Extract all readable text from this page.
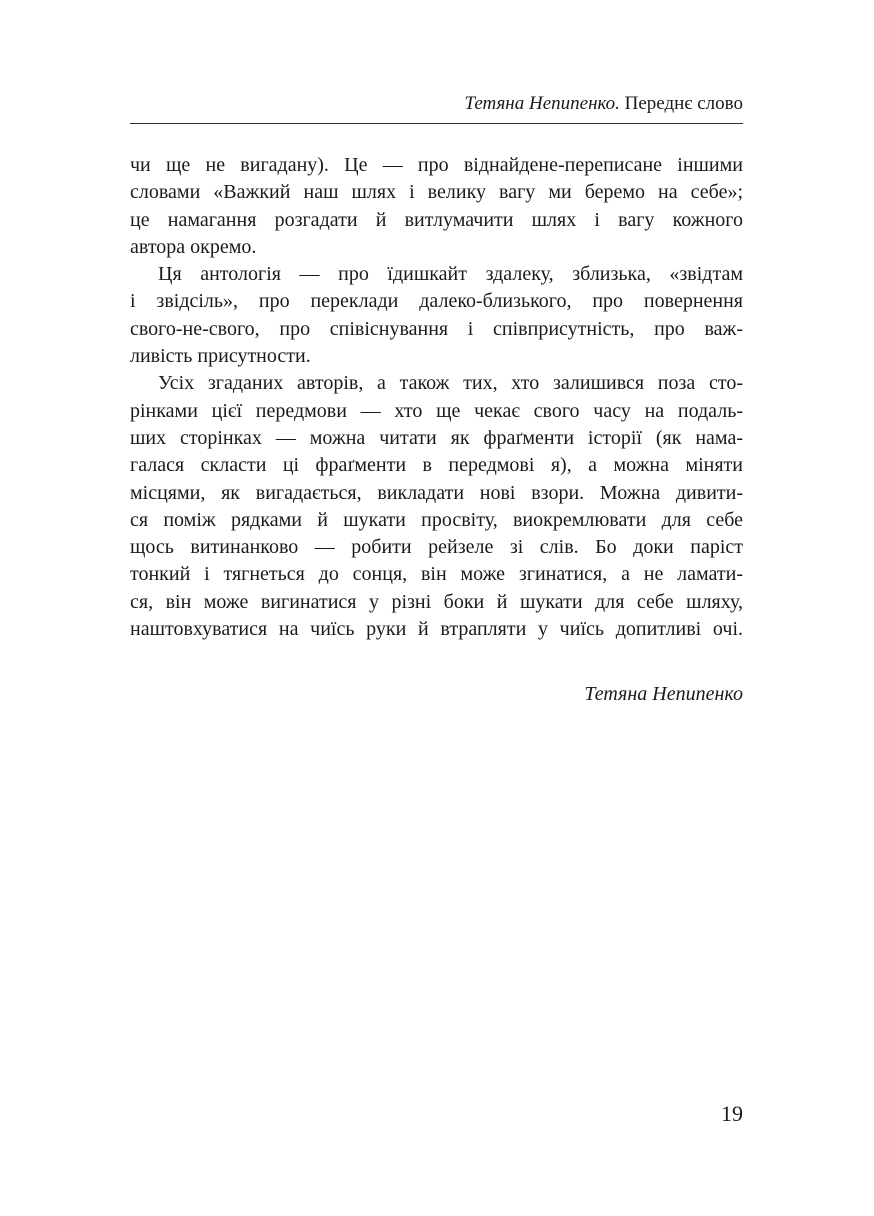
Тетяна Непипенко. Переднє слово

чи ще не вигадану). Це — про віднайдене-переписане іншими
словами «Важкий наш шлях і велику вагу ми беремо на себе»;
це намагання розгадати й витлумачити шлях і вагу кожного
автора окремо.

Ця антологія — про їдишкайт здалеку, зблизька, «звідтам
і звідсіль», про переклади далеко-близького, про повернення
свого-не-свого, про співіснування і співприсутність, про важ-
ливість присутности.

Усіх згаданих авторів, а також тих, хто залишився поза сто-
рінками цієї передмови — хто ще чекає свого часу на подаль-
ших сторінках — можна читати як фраґменти історії (як нама-
галася скласти ці фраґменти в передмові я), а можна міняти
місцями, як вигадається, викладати нові взори. Можна дивити-
ся поміж рядками й шукати просвіту, виокремлювати для себе
щось витинанково — робити рейзеле зі слів. Бо доки паріст
тонкий і тягнеться до сонця, він може згинатися, а не ламати-
ся, він може вигинатися у різні боки й шукати для себе шляху,
наштовхуватися на чиїсь руки й втрапляти у чиїсь допитливі очі.

Тетяна Непипенко
19
